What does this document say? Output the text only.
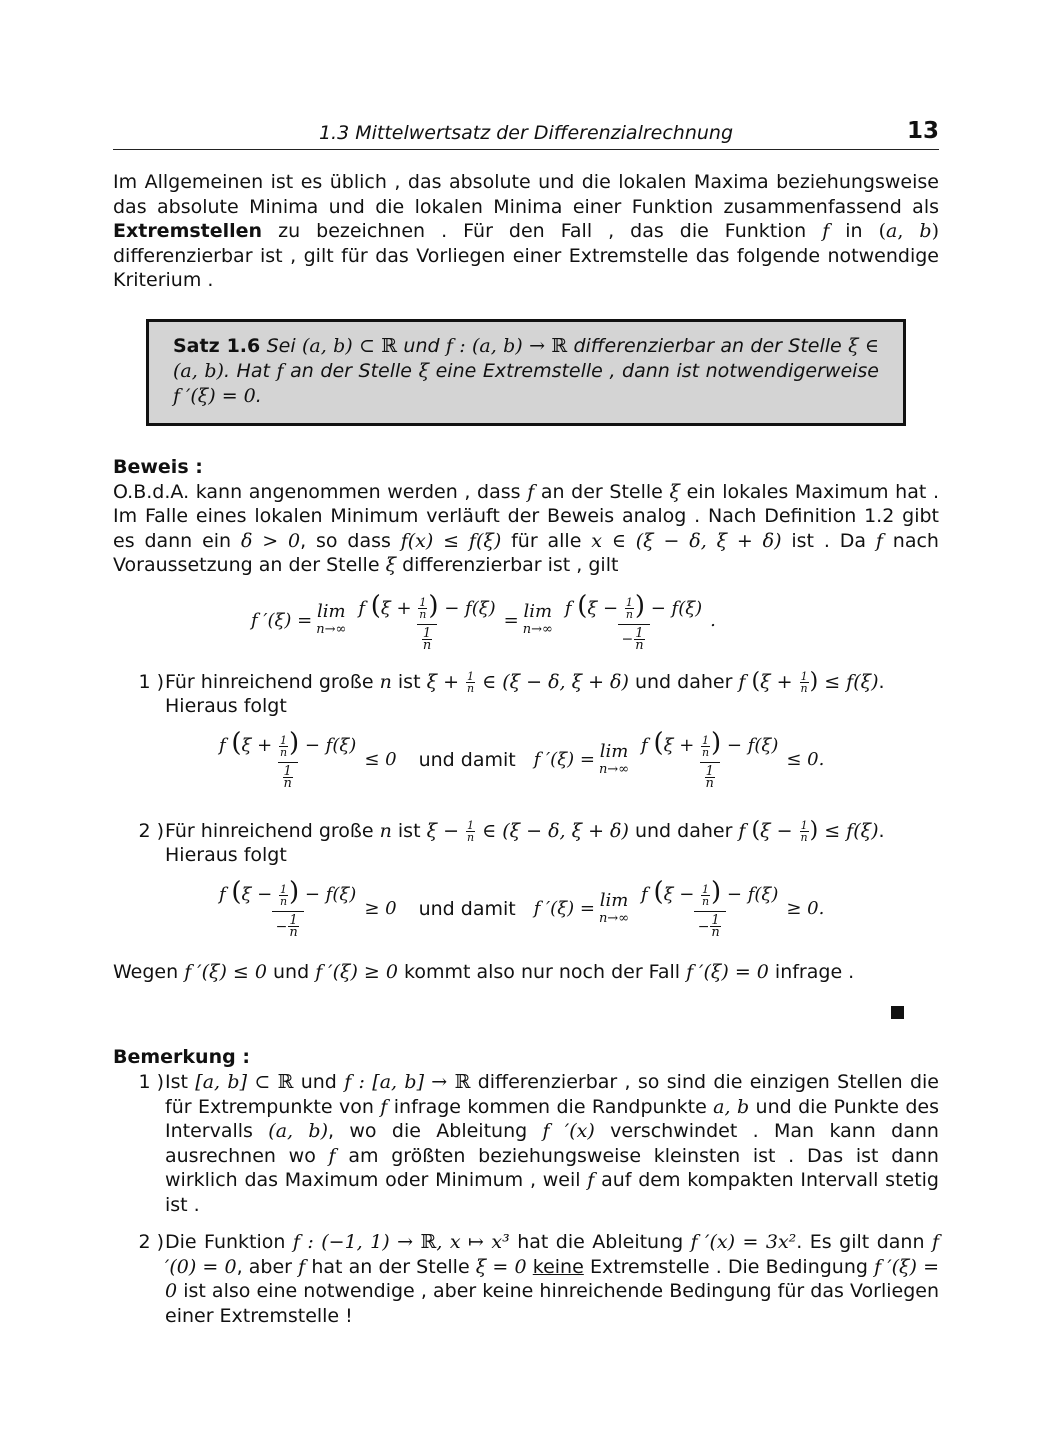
1.3 Mittelwertsatz der Differenzialrechnung	13

Im Allgemeinen ist es üblich , das absolute und die lokalen Maxima beziehungsweise das absolute Minima und die lokalen Minima einer Funktion zusammenfassend als Extremstellen zu bezeichnen . Für den Fall , das die Funktion f in (a, b) differenzierbar ist , gilt für das Vorliegen einer Extremstelle das folgende notwendige Kriterium .

Satz 1.6 Sei (a, b) ⊂ ℝ und f : (a, b) → ℝ differenzierbar an der Stelle ξ ∈ (a, b). Hat f an der Stelle ξ eine Extremstelle , dann ist notwendigerweise f ′(ξ) = 0.
Beweis :

O.B.d.A. kann angenommen werden , dass f an der Stelle ξ ein lokales Maximum hat . Im Falle eines lokalen Minimum verläuft der Beweis analog . Nach Definition 1.2 gibt es dann ein δ > 0, so dass f(x) ≤ f(ξ) für alle x ∈ (ξ − δ, ξ + δ) ist . Da f nach Voraussetzung an der Stelle ξ differenzierbar ist , gilt

f ′(ξ) = lim
$n\to\infty \frac{f (\xi + \frac{1}{n} ) - f(\xi)}{\frac{1}{n}} = \lim$
$n\to\infty \frac{f (\xi - \frac{1}{n} ) - f(\xi)}{- \frac{1}{n}}$ .
1 ) Für hinreichend große n ist $\xi + \frac{1}{n}$ ∈ (ξ − δ, ξ + δ) und daher f ($\xi + \frac{1}{n}$ ) ≤ f(ξ).
Hieraus folgt
$\frac{f (\xi + \frac{1}{n} ) - f(\xi)}{\frac{1}{n}} \le 0$ und damit f ′(ξ) = lim
$n\to\infty \frac{f (\xi + \frac{1}{n} ) - f(\xi)}{\frac{1}{n}} \le 0$.
2 ) Für hinreichend große n ist $\xi - \frac{1}{n}$ ∈ (ξ − δ, ξ + δ) und daher f ($\xi - \frac{1}{n}$ ) ≤ f(ξ).
Hieraus folgt
$\frac{f (\xi - \frac{1}{n} ) - f(\xi)}{- \frac{1}{n}} \ge 0$ und damit f ′(ξ) = lim
$n\to\infty \frac{f (\xi - \frac{1}{n} ) - f(\xi)}{- \frac{1}{n}} \ge 0$.

Wegen f ′(ξ) ≤ 0 und f ′(ξ) ≥ 0 kommt also nur noch der Fall f ′(ξ) = 0 infrage .

Bemerkung :
1 ) Ist [a, b] ⊂ ℝ und f : [a, b] → ℝ differenzierbar , so sind die einzigen Stellen die für Extrempunkte von f infrage kommen die Randpunkte a, b und die Punkte des Intervalls (a, b), wo die Ableitung f ′(x) verschwindet . Man kann dann ausrechnen wo f am größten beziehungsweise kleinsten ist . Das ist dann wirklich das Maximum oder Minimum , weil f auf dem kompakten Intervall stetig ist .

2 ) Die Funktion f : (−1, 1) → ℝ, x ↦ x³ hat die Ableitung f ′(x) = 3x². Es gilt dann f ′(0) = 0, aber f hat an der Stelle ξ = 0 keine Extremstelle . Die Bedingung f ′(ξ) = 0 ist also eine notwendige , aber keine hinreichende Bedingung für das Vorliegen einer Extremstelle !
